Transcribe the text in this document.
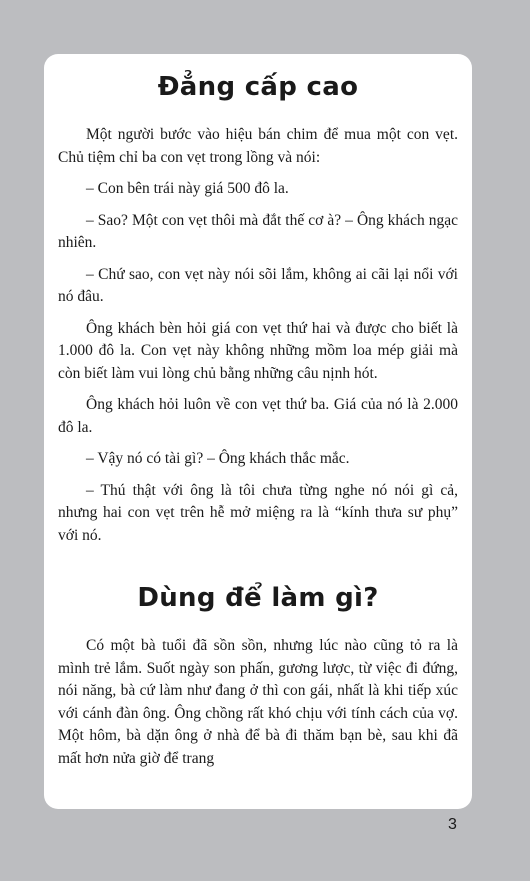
Đẳng cấp cao

Một người bước vào hiệu bán chim để mua một con vẹt. Chủ tiệm chỉ ba con vẹt trong lồng và nói:

– Con bên trái này giá 500 đô la.

– Sao? Một con vẹt thôi mà đắt thế cơ à? – Ông khách ngạc nhiên.

– Chứ sao, con vẹt này nói sõi lắm, không ai cãi lại nổi với nó đâu.

Ông khách bèn hỏi giá con vẹt thứ hai và được cho biết là 1.000 đô la. Con vẹt này không những mồm loa mép giải mà còn biết làm vui lòng chủ bằng những câu nịnh hót.

Ông khách hỏi luôn về con vẹt thứ ba. Giá của nó là 2.000 đô la.

– Vậy nó có tài gì? – Ông khách thắc mắc.

– Thú thật với ông là tôi chưa từng nghe nó nói gì cả, nhưng hai con vẹt trên hễ mở miệng ra là “kính thưa sư phụ” với nó.

Dùng để làm gì?

Có một bà tuổi đã sồn sồn, nhưng lúc nào cũng tỏ ra là mình trẻ lắm. Suốt ngày son phấn, gương lược, từ việc đi đứng, nói năng, bà cứ làm như đang ở thì con gái, nhất là khi tiếp xúc với cánh đàn ông. Ông chồng rất khó chịu với tính cách của vợ. Một hôm, bà dặn ông ở nhà để bà đi thăm bạn bè, sau khi đã mất hơn nửa giờ để trang

3
